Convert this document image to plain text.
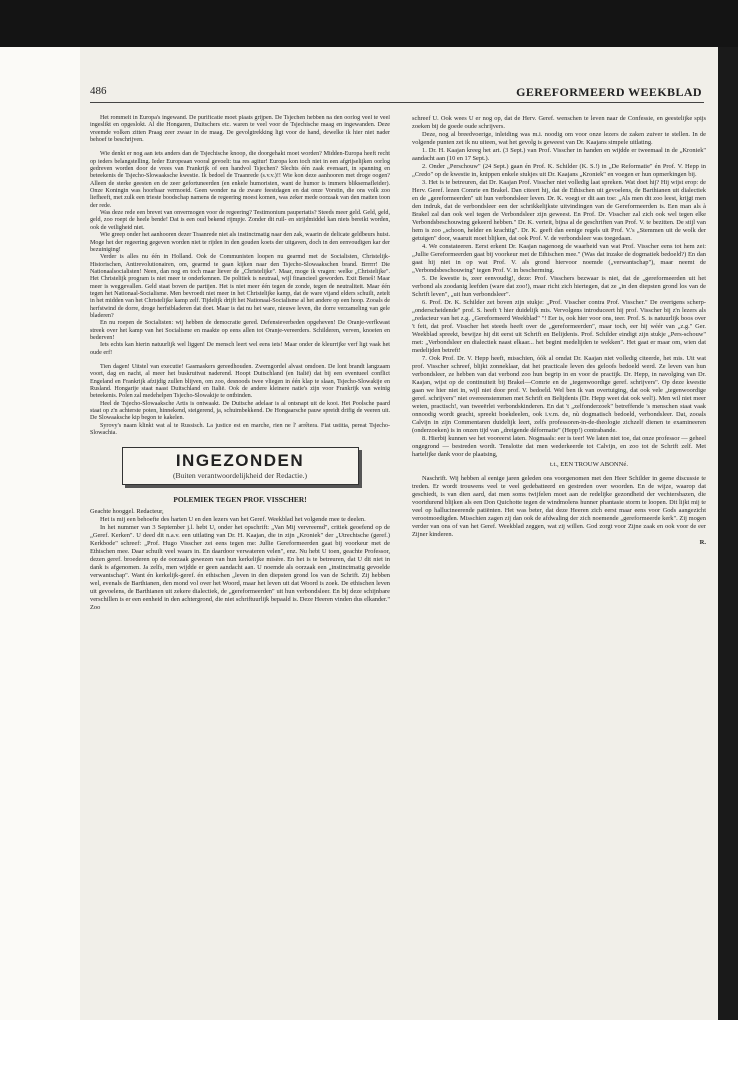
486	GEREFORMEERD WEEKBLAD

Het rommelt in Europa's ingewand. De purificatie moet plaats grijpen. De Tsjechen hebben na den oorlog veel te veel ingeslikt en opgeslokt. Al die Hongaren, Duitschers etc. waren te veel voor de Tsjechische maag en ingewanden. Deze vreemde volken zitten Praag zeer zwaar in de maag. De gevolgtrekking ligt voor de hand, dewelke ik hier niet nader behoef te beschrijven.

Wie denkt er nog aan iets anders dan de Tsjechische knoop, die doorgehakt moet worden? Midden-Europa heeft recht op ieders belangstelling. Ieder Europeaan vooral gevoelt: tua res agitur! Europa kon toch niet in een afgrijselijken oorlog gedreven worden door de vrees van Frankrijk of een handvol Tsjechen? Slechts één zaak evenaart, in spanning en beteekenis de Tsjecho-Slowaaksche kwestie. Ik bedoel de Traanrede (s.v.v.)!! Wie kon deze aanhooren met droge oogen? Alleen de sterke geesten en de zeer gefortuneerden (en enkele humoristen, want de humor is immers bliksemafleider). Onze Koningin was hoorbaar vermoeid. Geen wonder na de zware feestdagen en dat onze Vorstin, die ons volk zoo liefheeft, met zulk een trieste boodschap namens de regeering moest komen, was zeker mede oorzaak van den matten toon der rede.

Was deze rede een brevet van onvermogen voor de regeering? Testimonium paupertatis? Steeds meer geld. Geld, geld, geld, zoo roept de heele bende! Dat is een oud bekend rijmpje. Zonder dit ruil- en strijdmiddel kan niets bereikt worden, ook de veiligheid niet.

Wie greep onder het aanhooren dezer Traanrede niet als instinctmatig naar den zak, waarin de delicate geldbeurs huist. Moge het der regeering gegeven worden niet te rijden in den gouden koets der uitgaven, doch in den eenvoudigen kar der bezuiniging!

Verder is alles nu één in Holland. Ook de Communisten loopen nu gearmd met de Socialisten, Christelijk-Historischen, Antirevolutionairen, om, gearmd te gaan kijken naar den Tsjecho-Slowaakschen brand. Brrrrr! Die Nationaalsocialisten! Neen, dan nog en toch maar liever de „Christelijke". Maar, moge ik vragen: welke „Christelijke". Het Christelijk program is niet meer te onderkennen. De politiek is neutraal, wijl financieel geworden. Exit Beneš! Maar meer is weggevallen. Geld staat boven de partijen. Het is niet meer één tegen de zonde, tegen de neutraliteit. Maar één tegen het Nationaal-Socialisme. Men bevroedt niet meer in het Christelijke kamp, dat de ware vijand elders schuilt, zetelt in het midden van het Christelijke kamp zelf. Tijdelijk drijft het Nationaal-Socialisme al het andere op een hoop. Zooals de herfstwind de dorre, droge herfstbladeren dat doet. Maar is dat nu het ware, nieuwe leven, die dorre verzameling van gele bladeren?

En nu roepen de Socialisten: wij hebben de democratie gered. Defensieverbeden opgeheven! De Oranje-verfkwast streek over het kamp van het Socialisme en maakte op eens allen tot Oranje-vereerders. Schilderen, verven, knoeien en bederven!

Iets echts kan hierin natuurlijk wel liggen! De mensch leert wel eens iets! Maar onder de kleurrijke verf ligt vaak het oude erf!

Tien dagen! Uitstel van executie! Gasmaskers gereedhouden. Zwemgordel alvast omdoen. De lont brandt langzaam voort, dag en nacht, al meer het buskruitvat naderend. Hoopt Duitschland (en Italië) dat bij een eventueel conflict Engeland en Frankrijk afzijdig zullen blijven, om zoo, desnoods twee vliegen in één klap te slaan, Tsjecho-Slowakije en Rusland. Hongarije staat naast Duitschland en Italië. Ook de andere kleinere natie's zijn voor Frankrijk van weinig beteekenis. Polen zal medehelpen Tsjecho-Slowakije te ontbinden.

Heel de Tsjecho-Slowaaksche Artis is ontwaakt. De Duitsche adelaar is al ontsnapt uit de kooi. Het Poolsche paard staat op z'n achterste poten, hinnekend, steigerend, ja, schuimbekkend. De Hongaarsche pauw spreidt drifig de veeren uit. De Slowaaksche kip begon te kakelen.

Syrovy's naam klinkt wat al te Russisch. La justice est en marche, rien ne l' arrêtera. Fiat ustitia, pereat Tsjecho-Slowachia.

INGEZONDEN
(Buiten verantwoordelijkheid der Redactie.)
POLEMIEK TEGEN PROF. VISSCHER!

Geachte hooggel. Redacteur,

Het is mij een behoefte des harten U en den lezers van het Geref. Weekblad het volgende mee te deelen.

In het nummer van 3 September j.l. hebt U, onder het opschrift: „Van Mij vervreemd", critiek geoefend op de „Geref. Kerken". U deed dit n.a.v. een uitlating van Dr. H. Kaajan, die in zijn „Kroniek" der „Utrechtsche (geref.) Kerkbode" schreef: „Prof. Hugo Visscher zei eens tegen me: Jullie Gereformeerden gaat bij voorkeur met de Ethischen mee. Daar schuilt veel waars in. En daardoor verwateren velen", enz. Nu hebt U toen, geachte Professor, dezen geref. broederen op de oorzaak gewezen van hun kerkelijke misère. En het is te betreuren, dat U dit niet in dank is afgenomen. Ja zelfs, men wijdde er geen aandacht aan. U noemde als oorzaak een „instinctmatig gevoelde verwantschap". Want én kerkelijk-geref. én ethischen „leven in den diepsten grond los van de Schrift. Zij hebben wel, evenals de Barthianen, den mond vol over het Woord, maar het leven uit dat Woord is zoek. De ethischen leven uit gevoelens, de Barthianen uit zekere dialectiek, de „gereformeerden" uit hun verbondsleer. En bij deze schijnbare verschillen is er een eenheid in den achtergrond, die niet schriftuurlijk bepaald is. Deze Heeren vinden dus elkander." Zoo

schreef U. Ook wees U er nog op, dat de Herv. Geref. wenschen te leven naar de Confessie, en geestelijke spijs zoeken bij de goede oude schrijvers.

Deze, nog al breedvoerige, inleiding was m.i. noodig om voor onze lezers de zaken zuiver te stellen. In de volgende punten zet ik nu uiteen, wat het gevolg is geweest van Dr. Kaajans simpele uitlating.

1. Dr. H. Kaajan kreeg het art. (3 Sept.) van Prof. Visscher in handen en wijdde er tweemaal in de „Kroniek" aandacht aan (10 en 17 Sept.).

2. Onder „Perschouw" (24 Sept.) gaan én Prof. K. Schilder (K. S.!) in „De Reformatie" én Prof. V. Hepp in „Credo" op de kwestie in, knippen enkele stukjes uit Dr. Kaajans „Kroniek" en voegen er hun opmerkingen bij.

3. Het is te betreuren, dat Dr. Kaajan Prof. Visscher niet volledig laat spreken. Wat doet hij? Hij wijst erop: de Herv. Geref. lezen Comrie en Brakel. Dan citeert hij, dat de Ethischen uit gevoelens, de Barthianen uit dialectiek en de „gereformeerden" uit hun verbondsleer leven. Dr. K. voegt er dit aan toe: „Als men dit zoo leest, krijgt men den indruk, dat de verbondsleer een der schrikkelijkste uitvindingen van de Gereformeerden is. Een man als à Brakel zal dan ook wel tegen de Verbondsleer zijn geweest. En Prof. Dr. Visscher zal zich ook wel tegen elke Verbondsbeschouwing gekeerd hebben." Dr. K. verteit, bijna al de geschriften van Prof. V. te bezitten. De stijl van hem is zoo „schoon, helder en krachtig". Dr. K. geeft dan eenige regels uit Prof. V.'s „Stemmen uit de wolk der getuigen" door, waaruit moet blijken, dat ook Prof. V. de verbondsleer was toegedaan.

4. We constateeren. Eerst erkent Dr. Kaajan nagenoeg de waarheid van wat Prof. Visscher eens tot hem zei: „Jullie Gereformeerden gaat bij voorkeur met de Ethischen mee." (Was dat inzake de dogmatiek bedoeld?) En dan gaat hij niet in op wat Prof. V. als grond hiervoor noemde („verwantschap"), maar neemt de „Verbondsbeschouwing" tegen Prof. V. in bescherming.

5. De kwestie is, zeer eenvoudig!, deze: Prof. Visschers bezwaar is niet, dat de „gereformeerden uit het verbond als zoodanig leefden (ware dat zoo!), maar richt zich hiertegen, dat ze „in den diepsten grond los van de Schrift leven", „uit hun verbondsleer".

6. Prof. Dr. K. Schilder zet boven zijn stukje: „Prof. Visscher contra Prof. Visscher." De overigens scherp-„onderscheidende" prof. S. heeft 't hier duidelijk mis. Vervolgens introduceert hij prof. Visscher bij z'n lezers als „redacteur van het z.g. „Gereformeerd Weekblad" "! Eer is, ook hier voor ons, teer. Prof. S. is natuurlijk boos over 't feit, dat prof. Visscher het steeds heeft over de „gereformeerden", maar toch, eer hij wéér van „z.g." Ger. Weekblad spreekt, bewijze hij dit eerst uit Schrift en Belijdenis. Prof. Schilder eindigt zijn stukje „Pers-schouw" met: „Verbondsleer en dialectiek naast elkaar... het begint medelijden te wekken". Het gaat er maar om, wien dat medelijden betreft!

7. Ook Prof. Dr. V. Hepp heeft, misschien, óók al omdat Dr. Kaajan niet volledig citeerde, het mis. Uit wat prof. Visscher schreef, blijkt zonneklaar, dat het practicale leven des geloofs bedoeld werd. Ze leven van hun verbondsleer, ze hebben van dat verbond zoo hun begrip in en voor de practijk. Dr. Hepp, in navolging van Dr. Kaajan, wijst op de continuiteit bij Brakel—Comrie en de „tegenwoordige geref. schrijvers". Op deze kwestie gaan we hier niet in, wijl niet door prof. V. bedoeld. Wel ben ik van overtuiging, dat ook vele „tegenwoordige geref. schrijvers" niet overeenstemmen met Schrift en Belijdenis (Dr. Hepp weet dat ook wel!). Men wil niet meer weten, practisch!, van tweeërlei verbondskinderen. En dat 't „zelfonderzoek" betreffende 's menschen staat vaak onnoodig wordt geacht, spreekt boekdeelen, ook i.v.m. de, nù dogmatisch bedoeld, verbondsleer. Dat, zooals Calvijn in zijn Commentaren duidelijk leert, zelfs professoren-in-de-theologie zichzelf dienen te examineeren (onderzoeken) is in onzen tijd van „dreigende déformatie" (Hepp!) contrabande.

8. Hierbij kunnen we het vooreerst laten. Nogmaals: eer is teer! We laten niet toe, dat onze professor — geheel ongegrond — bestreden wordt. Tenslotte dat men wederkeerde tot Calvijn, en zoo tot de Schrift zelf. Met hartelijke dank voor de plaatsing,

t.t., EEN TROUW ABONNé.

Naschrift. Wij hebben al eenige jaren geleden ons voorgenomen met den Heer Schilder in geene discussie te treden. Er wordt trouwens veel te veel gedebatteerd en gestreden over woorden. En de wijze, waarop dat geschiedt, is van dien aard, dat men soms twijfelen moet aan de redelijke gezondheid der vechtersbazen, die voortdurend blijken als een Don Quichotte tegen de windmolens hunner phantasie storm te loopen. Dit lijkt mij te veel op hallucineerende patiënten. Het was beter, dat deze Heeren zich eerst maar eens voor Gods aangezicht verootmoedigden. Misschien zagen zij dan ook de afdwaling der zich noemende „gereformeerde kerk". Zij mogen verder van ons of van het Geref. Weekblad zeggen, wat zij willen. God zorgt voor Zijne zaak en ook voor de eer Zijner kinderen.

R.
